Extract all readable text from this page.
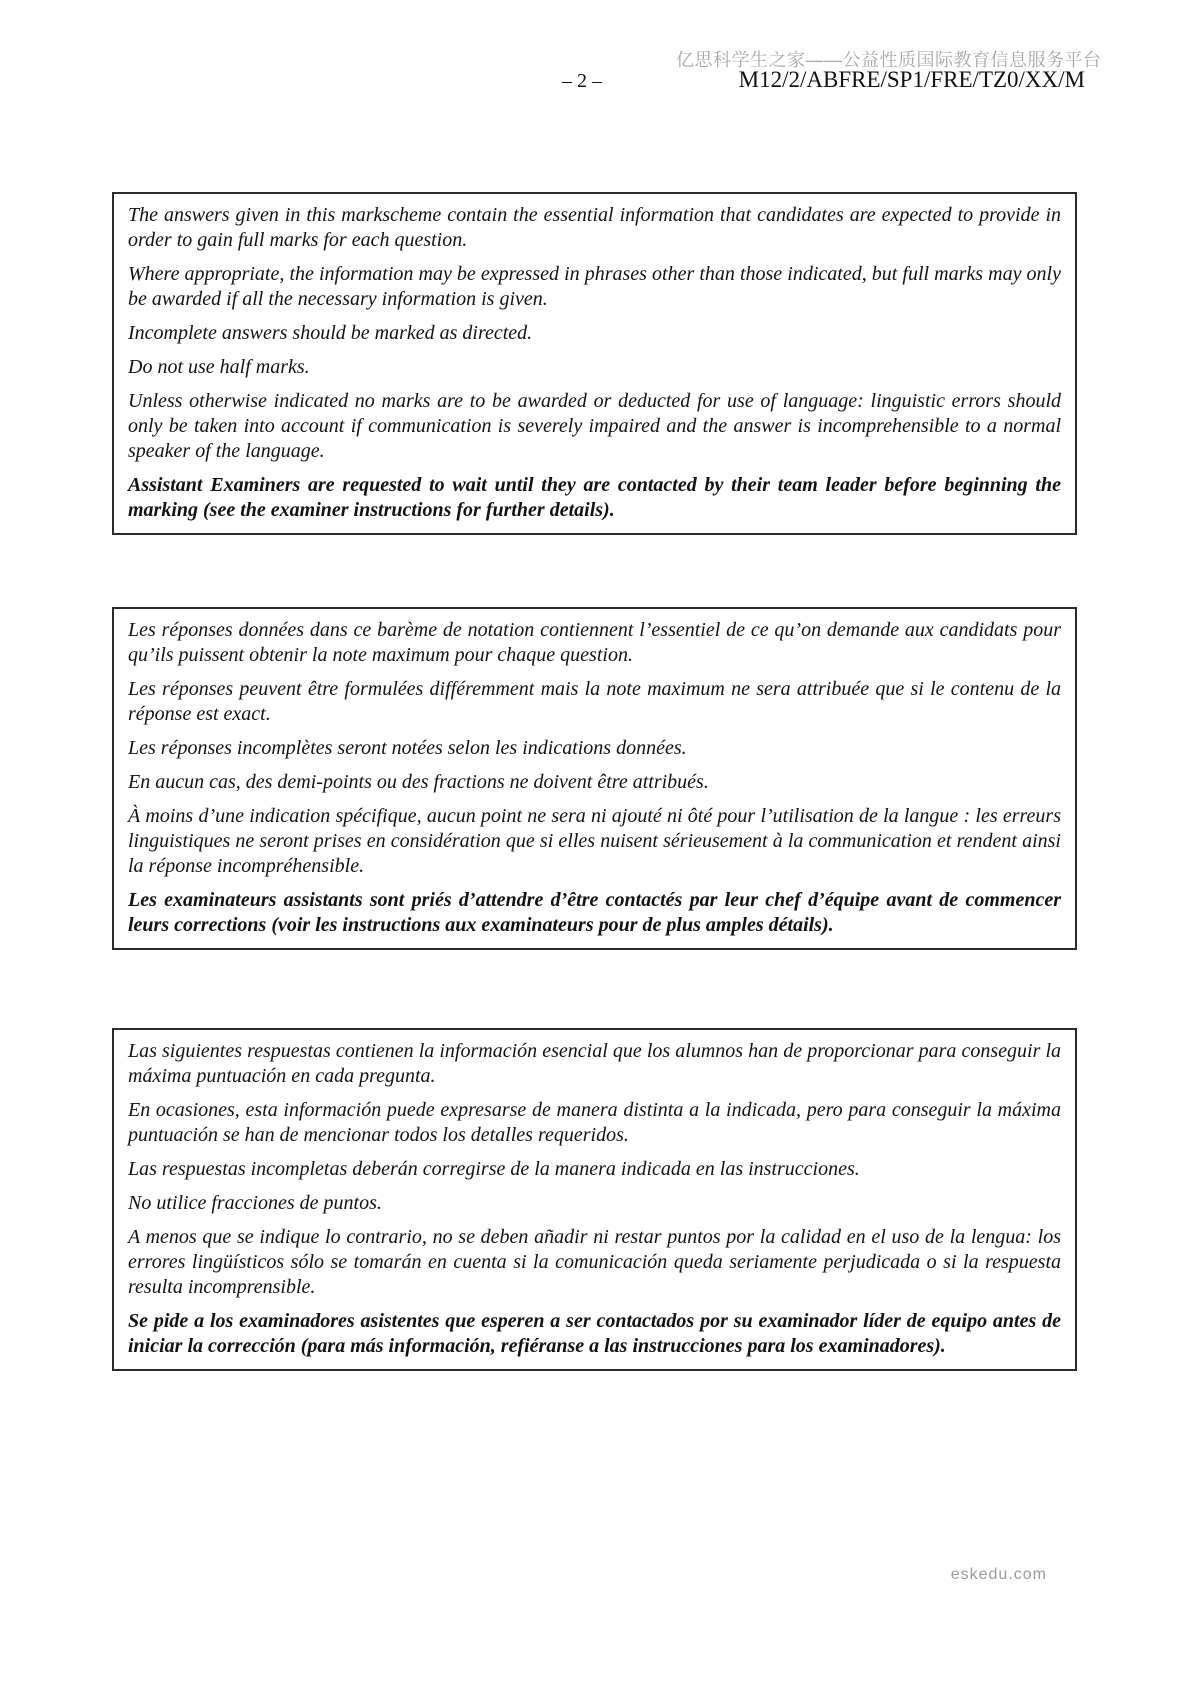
亿思科学生之家——公益性质国际教育信息服务平台
– 2 –	M12/2/ABFRE/SP1/FRE/TZ0/XX/M

The answers given in this markscheme contain the essential information that candidates are expected to provide in order to gain full marks for each question.

Where appropriate, the information may be expressed in phrases other than those indicated, but full marks may only be awarded if all the necessary information is given.

Incomplete answers should be marked as directed.

Do not use half marks.

Unless otherwise indicated no marks are to be awarded or deducted for use of language: linguistic errors should only be taken into account if communication is severely impaired and the answer is incomprehensible to a normal speaker of the language.

Assistant Examiners are requested to wait until they are contacted by their team leader before beginning the marking (see the examiner instructions for further details).

Les réponses données dans ce barème de notation contiennent l’essentiel de ce qu’on demande aux candidats pour qu’ils puissent obtenir la note maximum pour chaque question.

Les réponses peuvent être formulées différemment mais la note maximum ne sera attribuée que si le contenu de la réponse est exact.

Les réponses incomplètes seront notées selon les indications données.

En aucun cas, des demi-points ou des fractions ne doivent être attribués.

À moins d’une indication spécifique, aucun point ne sera ni ajouté ni ôté pour l’utilisation de la langue : les erreurs linguistiques ne seront prises en considération que si elles nuisent sérieusement à la communication et rendent ainsi la réponse incompréhensible.

Les examinateurs assistants sont priés d’attendre d’être contactés par leur chef d’équipe avant de commencer leurs corrections (voir les instructions aux examinateurs pour de plus amples détails).

Las siguientes respuestas contienen la información esencial que los alumnos han de proporcionar para conseguir la máxima puntuación en cada pregunta.

En ocasiones, esta información puede expresarse de manera distinta a la indicada, pero para conseguir la máxima puntuación se han de mencionar todos los detalles requeridos.

Las respuestas incompletas deberán corregirse de la manera indicada en las instrucciones.

No utilice fracciones de puntos.

A menos que se indique lo contrario, no se deben añadir ni restar puntos por la calidad en el uso de la lengua: los errores lingüísticos sólo se tomarán en cuenta si la comunicación queda seriamente perjudicada o si la respuesta resulta incomprensible.

Se pide a los examinadores asistentes que esperen a ser contactados por su examinador líder de equipo antes de iniciar la corrección (para más información, refiéranse a las instrucciones para los examinadores).

eskedu.com
